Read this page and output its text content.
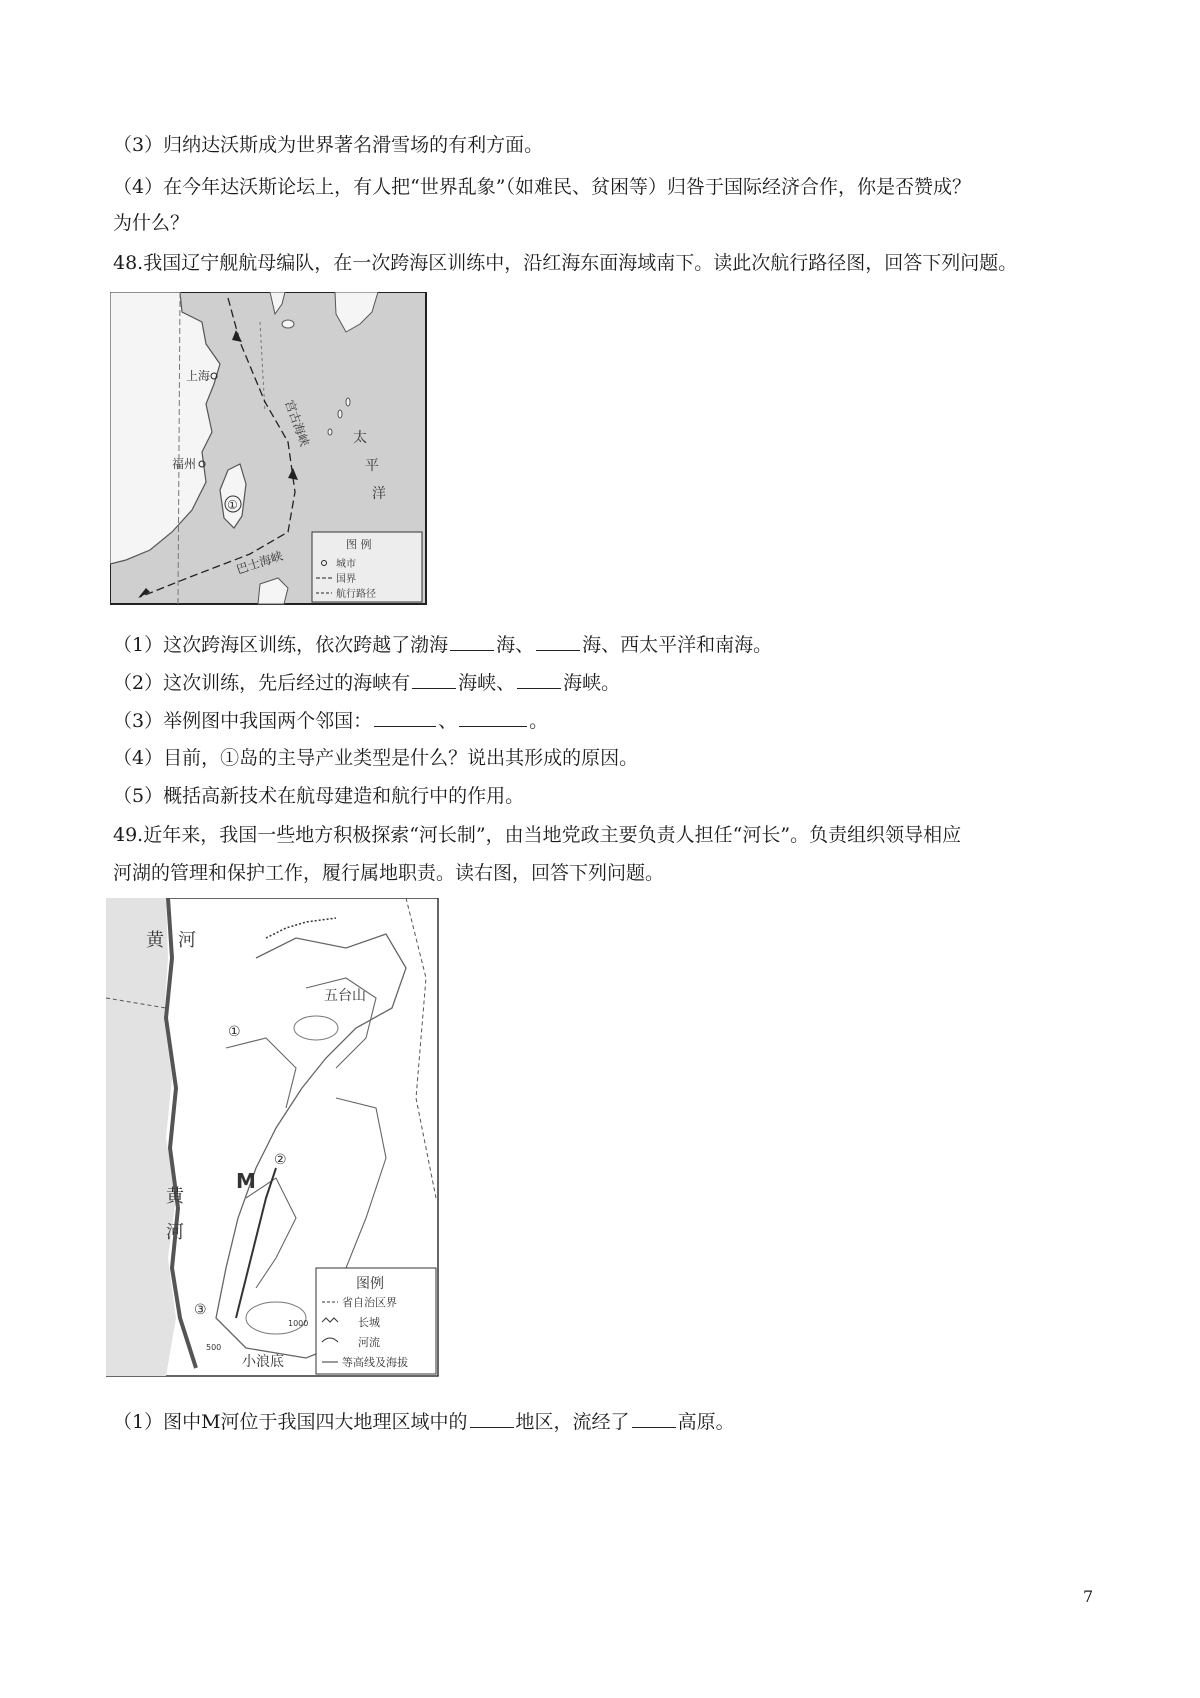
（3）归纳达沃斯成为世界著名滑雪场的有利方面。
（4）在今年达沃斯论坛上，有人把“世界乱象”（如难民、贫困等）归咎于国际经济合作，你是否赞成？
为什么？
48.我国辽宁舰航母编队，在一次跨海区训练中，沿红海东面海域南下。读此次航行路径图，回答下列问题。
上海
福州
①
宫古海峡
巴士海峡
太
平
洋
图 例
城市
国界
航行路径
（1）这次跨海区训练，依次跨越了渤海	海、	海、西太平洋和南海。
（2）这次训练，先后经过的海峡有	海峡、	海峡。
（3）举例图中我国两个邻国：	、	。
（4）目前，①岛的主导产业类型是什么？说出其形成的原因。
（5）概括高新技术在航母建造和航行中的作用。
49.近年来，我国一些地方积极探索“河长制”，由当地党政主要负责人担任“河长”。负责组织领导相应
河湖的管理和保护工作，履行属地职责。读右图，回答下列问题。
黄 河
黄
河
五台山
M
①
②
③
小浪底
1000
500
图例
省自治区界
长城
河流
等高线及海拔
（1）图中M河位于我国四大地理区域中的	地区，流经了	高原。
7
